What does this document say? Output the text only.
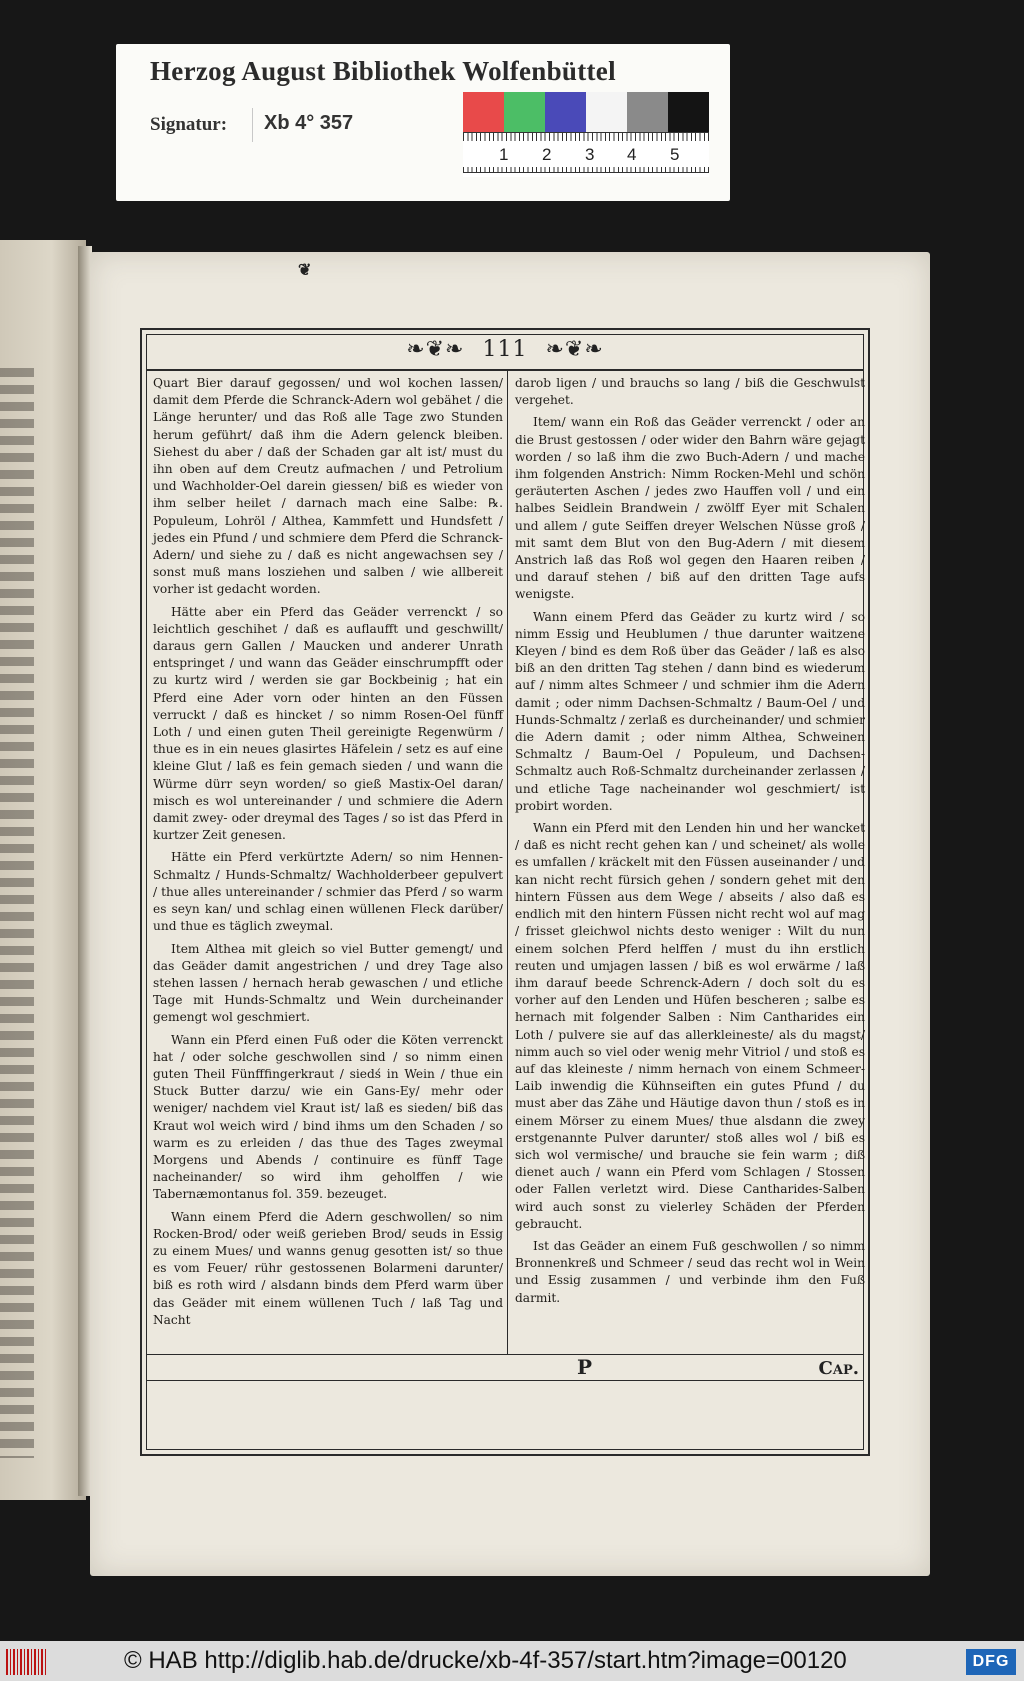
Herzog August Bibliothek Wolfenbüttel
Signatur: Xb 4° 357
1 2 3 4 5
❦
❧❦❧ 111 ❧❦❧

Quart Bier darauf gegossen/ und wol kochen lassen/ damit dem Pferde die Schranck-Adern wol gebähet / die Länge herunter/ und das Roß alle Tage zwo Stunden herum geführt/ daß ihm die Adern gelenck bleiben. Siehest du aber / daß der Schaden gar alt ist/ must du ihn oben auf dem Creutz aufmachen / und Petrolium und Wachholder-Oel darein giessen/ biß es wieder von ihm selber heilet / darnach mach eine Salbe: ℞. Populeum, Lohröl / Althea, Kammfett und Hundsfett / jedes ein Pfund / und schmiere dem Pferd die Schranck-Adern/ und siehe zu / daß es nicht angewachsen sey / sonst muß mans losziehen und salben / wie allbereit vorher ist gedacht worden.

Hätte aber ein Pferd das Geäder verrenckt / so leichtlich geschihet / daß es auflaufft und geschwillt/ daraus gern Gallen / Maucken und anderer Unrath entspringet / und wann das Geäder einschrumpfft oder zu kurtz wird / werden sie gar Bockbeinig ; hat ein Pferd eine Ader vorn oder hinten an den Füssen verruckt / daß es hincket / so nimm Rosen-Oel fünff Loth / und einen guten Theil gereinigte Regenwürm / thue es in ein neues glasirtes Häfelein / setz es auf eine kleine Glut / laß es fein gemach sieden / und wann die Würme dürr seyn worden/ so gieß Mastix-Oel daran/ misch es wol untereinander / und schmiere die Adern damit zwey- oder dreymal des Tages / so ist das Pferd in kurtzer Zeit genesen.

Hätte ein Pferd verkürtzte Adern/ so nim Hennen-Schmaltz / Hunds-Schmaltz/ Wachholderbeer gepulvert / thue alles untereinander / schmier das Pferd / so warm es seyn kan/ und schlag einen wüllenen Fleck darüber/ und thue es täglich zweymal.

Item Althea mit gleich so viel Butter gemengt/ und das Geäder damit angestrichen / und drey Tage also stehen lassen / hernach herab gewaschen / und etliche Tage mit Hunds-Schmaltz und Wein durcheinander gemengt wol geschmiert.

Wann ein Pferd einen Fuß oder die Köten verrenckt hat / oder solche geschwollen sind / so nimm einen guten Theil Fünfffingerkraut / siedś in Wein / thue ein Stuck Butter darzu/ wie ein Gans-Ey/ mehr oder weniger/ nachdem viel Kraut ist/ laß es sieden/ biß das Kraut wol weich wird / bind ihms um den Schaden / so warm es zu erleiden / das thue des Tages zweymal Morgens und Abends / continuire es fünff Tage nacheinander/ so wird ihm geholffen / wie Tabernæmontanus fol. 359. bezeuget.

Wann einem Pferd die Adern geschwollen/ so nim Rocken-Brod/ oder weiß gerieben Brod/ seuds in Essig zu einem Mues/ und wanns genug gesotten ist/ so thue es vom Feuer/ rühr gestossenen Bolarmeni darunter/ biß es roth wird / alsdann binds dem Pferd warm über das Geäder mit einem wüllenen Tuch / laß Tag und Nacht

darob ligen / und brauchs so lang / biß die Geschwulst vergehet.

Item/ wann ein Roß das Geäder verrenckt / oder an die Brust gestossen / oder wider den Bahrn wäre gejagt worden / so laß ihm die zwo Buch-Adern / und mache ihm folgenden Anstrich: Nimm Rocken-Mehl und schön geräuterten Aschen / jedes zwo Hauffen voll / und ein halbes Seidlein Brandwein / zwölff Eyer mit Schalen und allem / gute Seiffen dreyer Welschen Nüsse groß / mit samt dem Blut von den Bug-Adern / mit diesem Anstrich laß das Roß wol gegen den Haaren reiben / und darauf stehen / biß auf den dritten Tage aufs wenigste.

Wann einem Pferd das Geäder zu kurtz wird / so nimm Essig und Heublumen / thue darunter waitzene Kleyen / bind es dem Roß über das Geäder / laß es also biß an den dritten Tag stehen / dann bind es wiederum auf / nimm altes Schmeer / und schmier ihm die Adern damit ; oder nimm Dachsen-Schmaltz / Baum-Oel / und Hunds-Schmaltz / zerlaß es durcheinander/ und schmier die Adern damit ; oder nimm Althea, Schweinen Schmaltz / Baum-Oel / Populeum, und Dachsen-Schmaltz auch Roß-Schmaltz durcheinander zerlassen / und etliche Tage nacheinander wol geschmiert/ ist probirt worden.

Wann ein Pferd mit den Lenden hin und her wancket / daß es nicht recht gehen kan / und scheinet/ als wolle es umfallen / kräckelt mit den Füssen auseinander / und kan nicht recht fürsich gehen / sondern gehet mit den hintern Füssen aus dem Wege / abseits / also daß es endlich mit den hintern Füssen nicht recht wol auf mag / frisset gleichwol nichts desto weniger : Wilt du nun einem solchen Pferd helffen / must du ihn erstlich reuten und umjagen lassen / biß es wol erwärme / laß ihm darauf beede Schrenck-Adern / doch solt du es vorher auf den Lenden und Hüfen bescheren ; salbe es hernach mit folgender Salben : Nim Cantharides ein Loth / pulvere sie auf das allerkleineste/ als du magst/ nimm auch so viel oder wenig mehr Vitriol / und stoß es auf das kleineste / nimm hernach von einem Schmeer-Laib inwendig die Kühnseiften ein gutes Pfund / du must aber das Zähe und Häutige davon thun / stoß es in einem Mörser zu einem Mues/ thue alsdann die zwey erstgenannte Pulver darunter/ stoß alles wol / biß es sich wol vermische/ und brauche sie fein warm ; diß dienet auch / wann ein Pferd vom Schlagen / Stossen oder Fallen verletzt wird. Diese Cantharides-Salben wird auch sonst zu vielerley Schäden der Pferden gebraucht.

Ist das Geäder an einem Fuß geschwollen / so nimm Bronnenkreß und Schmeer / seud das recht wol in Wein und Essig zusammen / und verbinde ihm den Fuß darmit.

P	Cap.
© HAB http://diglib.hab.de/drucke/xb-4f-357/start.htm?image=00120	DFG
